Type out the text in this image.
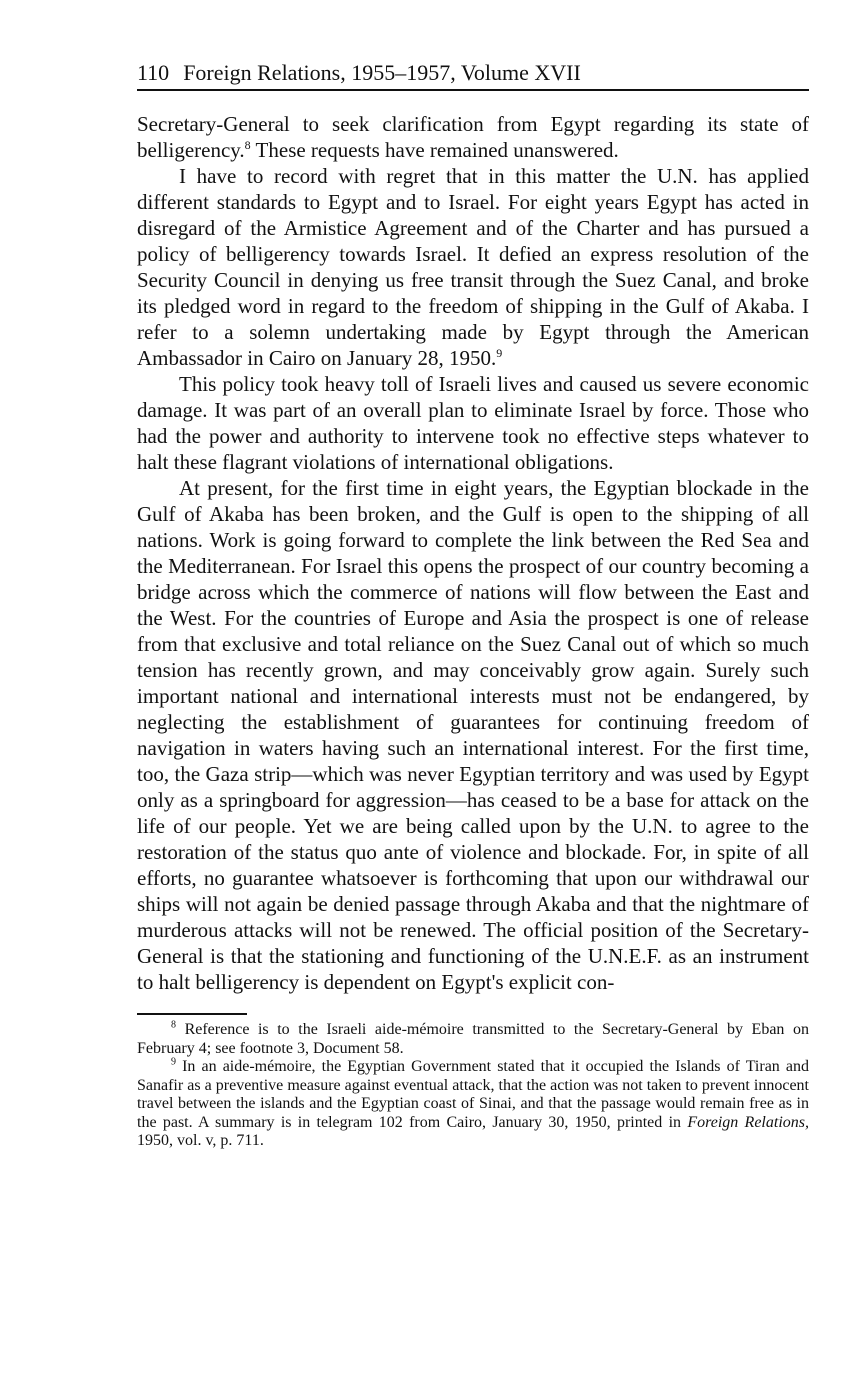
110 Foreign Relations, 1955–1957, Volume XVII

Secretary-General to seek clarification from Egypt regarding its state of belligerency.$^8$ These requests have remained unanswered.

I have to record with regret that in this matter the U.N. has applied different standards to Egypt and to Israel. For eight years Egypt has acted in disregard of the Armistice Agreement and of the Charter and has pursued a policy of belligerency towards Israel. It defied an express resolution of the Security Council in denying us free transit through the Suez Canal, and broke its pledged word in regard to the freedom of shipping in the Gulf of Akaba. I refer to a solemn undertaking made by Egypt through the American Ambassador in Cairo on January 28, 1950.$^9$

This policy took heavy toll of Israeli lives and caused us severe economic damage. It was part of an overall plan to eliminate Israel by force. Those who had the power and authority to intervene took no effective steps whatever to halt these flagrant violations of international obligations.

At present, for the first time in eight years, the Egyptian blockade in the Gulf of Akaba has been broken, and the Gulf is open to the shipping of all nations. Work is going forward to complete the link between the Red Sea and the Mediterranean. For Israel this opens the prospect of our country becoming a bridge across which the commerce of nations will flow between the East and the West. For the countries of Europe and Asia the prospect is one of release from that exclusive and total reliance on the Suez Canal out of which so much tension has recently grown, and may conceivably grow again. Surely such important national and international interests must not be endangered, by neglecting the establishment of guarantees for continuing freedom of navigation in waters having such an international interest. For the first time, too, the Gaza strip—which was never Egyptian territory and was used by Egypt only as a springboard for aggression—has ceased to be a base for attack on the life of our people. Yet we are being called upon by the U.N. to agree to the restoration of the status quo ante of violence and blockade. For, in spite of all efforts, no guarantee whatsoever is forthcoming that upon our withdrawal our ships will not again be denied passage through Akaba and that the nightmare of murderous attacks will not be renewed. The official position of the Secretary-General is that the stationing and functioning of the U.N.E.F. as an instrument to halt belligerency is dependent on Egypt's explicit con-

$^8$ Reference is to the Israeli aide-mémoire transmitted to the Secretary-General by Eban on February 4; see footnote 3, Document 58.

$^9$ In an aide-mémoire, the Egyptian Government stated that it occupied the Islands of Tiran and Sanafir as a preventive measure against eventual attack, that the action was not taken to prevent innocent travel between the islands and the Egyptian coast of Sinai, and that the passage would remain free as in the past. A summary is in telegram 102 from Cairo, January 30, 1950, printed in Foreign Relations, 1950, vol. v, p. 711.
